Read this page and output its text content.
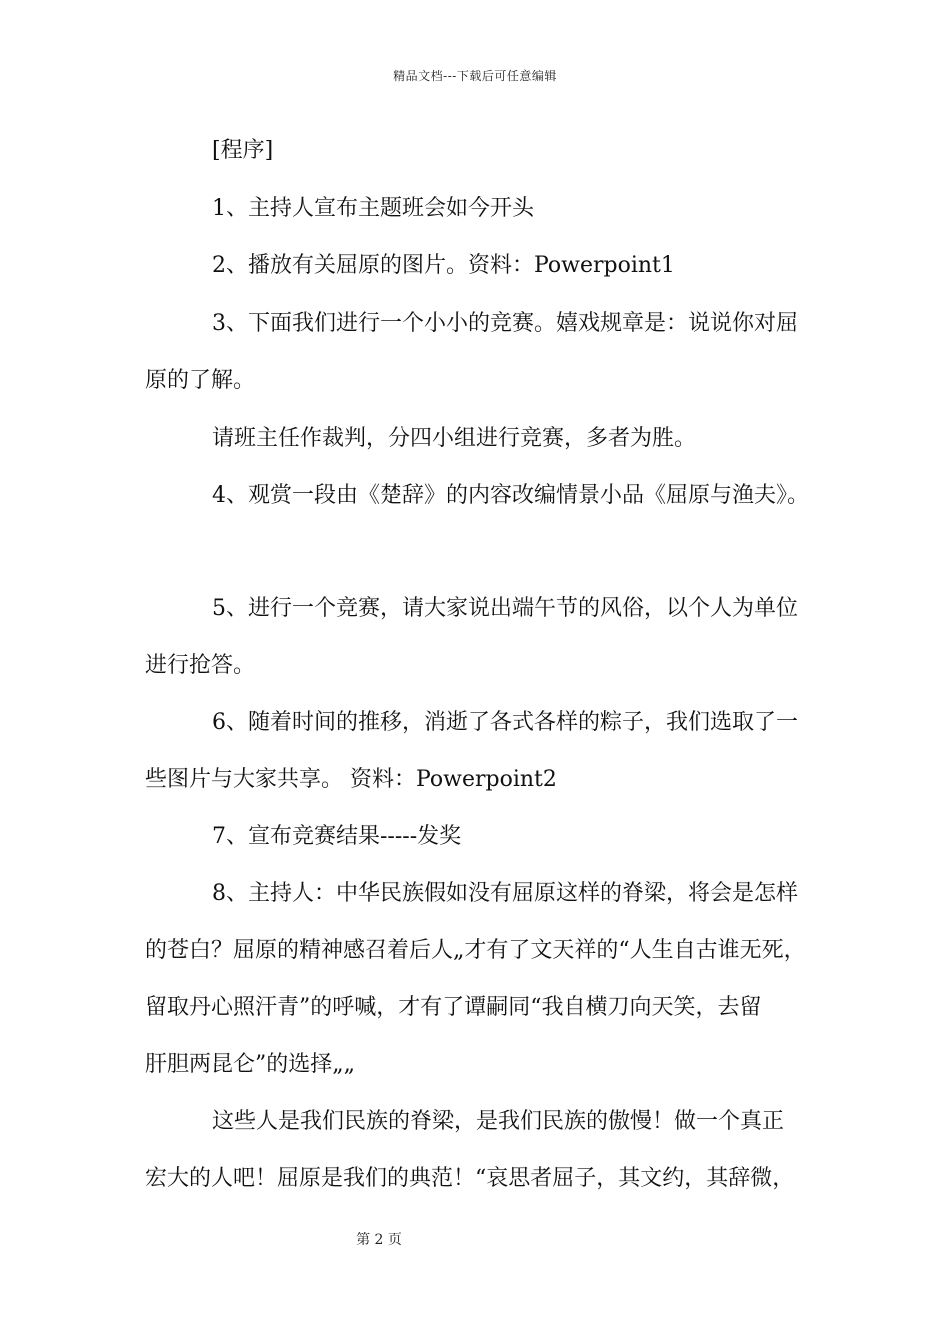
精品文档---下载后可任意编辑
[程序]
1、主持人宣布主题班会如今开头
2、播放有关屈原的图片。资料：Powerpoint1
3、下面我们进行一个小小的竞赛。嬉戏规章是：说说你对屈
原的了解。
请班主任作裁判，分四小组进行竞赛，多者为胜。
4、观赏一段由《楚辞》的内容改编情景小品《屈原与渔夫》。
5、进行一个竞赛，请大家说出端午节的风俗，以个人为单位
进行抢答。
6、随着时间的推移，消逝了各式各样的粽子，我们选取了一
些图片与大家共享。 资料：Powerpoint2
7、宣布竞赛结果-----发奖
8、主持人：中华民族假如没有屈原这样的脊梁，将会是怎样
的苍白？屈原的精神感召着后人„才有了文天祥的“人生自古谁无死，
留取丹心照汗青”的呼喊，才有了谭嗣同“我自横刀向天笑，去留
肝胆两昆仑”的选择„„
这些人是我们民族的脊梁，是我们民族的傲慢！做一个真正
宏大的人吧！屈原是我们的典范！“哀思者屈子，其文约，其辞微，
第 2 页
